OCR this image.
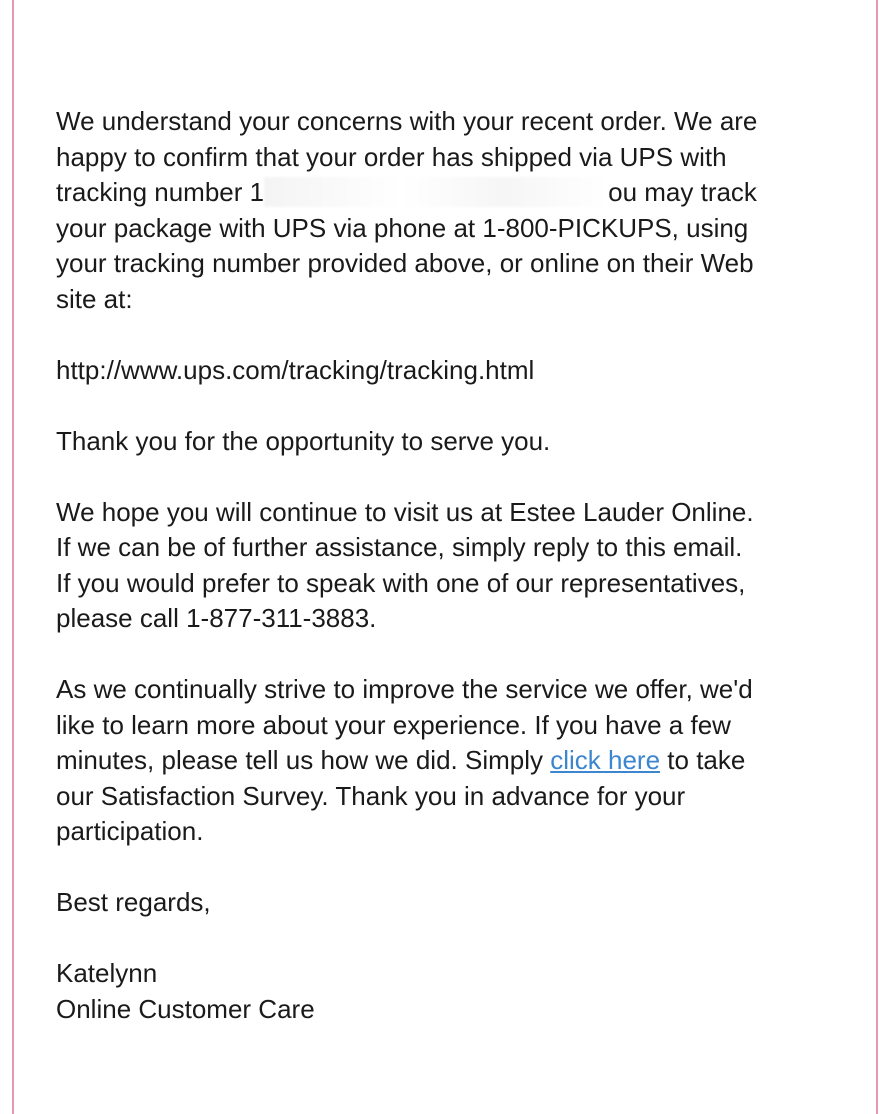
We understand your concerns with your recent order. We are
happy to confirm that your order has shipped via UPS with
tracking number 1	ou may track
your package with UPS via phone at 1-800-PICKUPS, using
your tracking number provided above, or online on their Web
site at:

http://www.ups.com/tracking/tracking.html

Thank you for the opportunity to serve you.

We hope you will continue to visit us at Estee Lauder Online.
If we can be of further assistance, simply reply to this email.
If you would prefer to speak with one of our representatives,
please call 1-877-311-3883.

As we continually strive to improve the service we offer, we'd
like to learn more about your experience. If you have a few
minutes, please tell us how we did. Simply click here to take
our Satisfaction Survey. Thank you in advance for your
participation.

Best regards,

Katelynn
Online Customer Care
